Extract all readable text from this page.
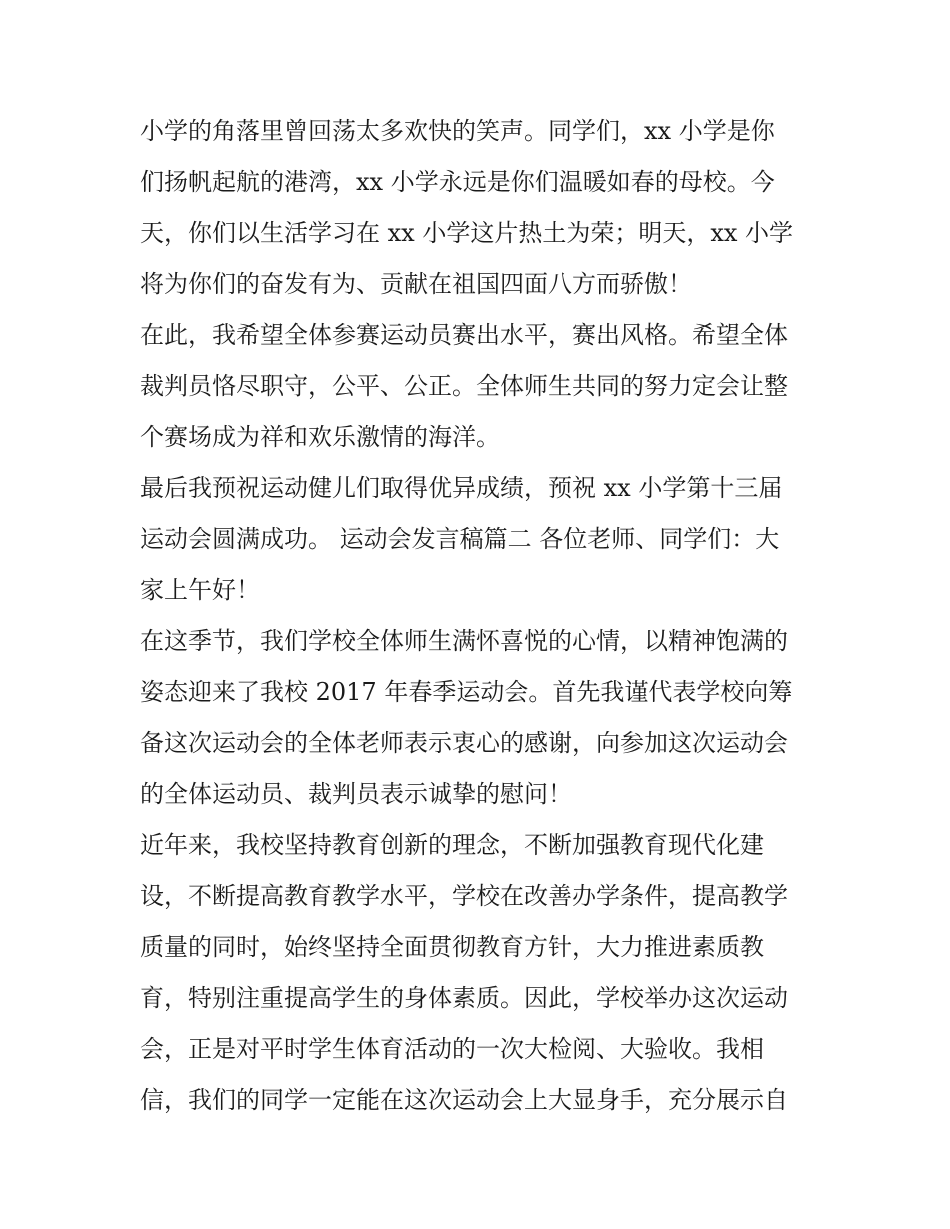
小学的角落里曾回荡太多欢快的笑声。同学们，xx 小学是你
们扬帆起航的港湾，xx 小学永远是你们温暖如春的母校。今
天，你们以生活学习在 xx 小学这片热土为荣；明天，xx 小学
将为你们的奋发有为、贡献在祖国四面八方而骄傲！
在此，我希望全体参赛运动员赛出水平，赛出风格。希望全体
裁判员恪尽职守，公平、公正。全体师生共同的努力定会让整
个赛场成为祥和欢乐激情的海洋。
最后我预祝运动健儿们取得优异成绩，预祝 xx 小学第十三届
运动会圆满成功。 运动会发言稿篇二 各位老师、同学们：大
家上午好！
在这季节，我们学校全体师生满怀喜悦的心情，以精神饱满的
姿态迎来了我校 2017 年春季运动会。首先我谨代表学校向筹
备这次运动会的全体老师表示衷心的感谢，向参加这次运动会
的全体运动员、裁判员表示诚挚的慰问！
近年来，我校坚持教育创新的理念，不断加强教育现代化建
设，不断提高教育教学水平，学校在改善办学条件，提高教学
质量的同时，始终坚持全面贯彻教育方针，大力推进素质教
育，特别注重提高学生的身体素质。因此，学校举办这次运动
会，正是对平时学生体育活动的一次大检阅、大验收。我相
信，我们的同学一定能在这次运动会上大显身手，充分展示自
